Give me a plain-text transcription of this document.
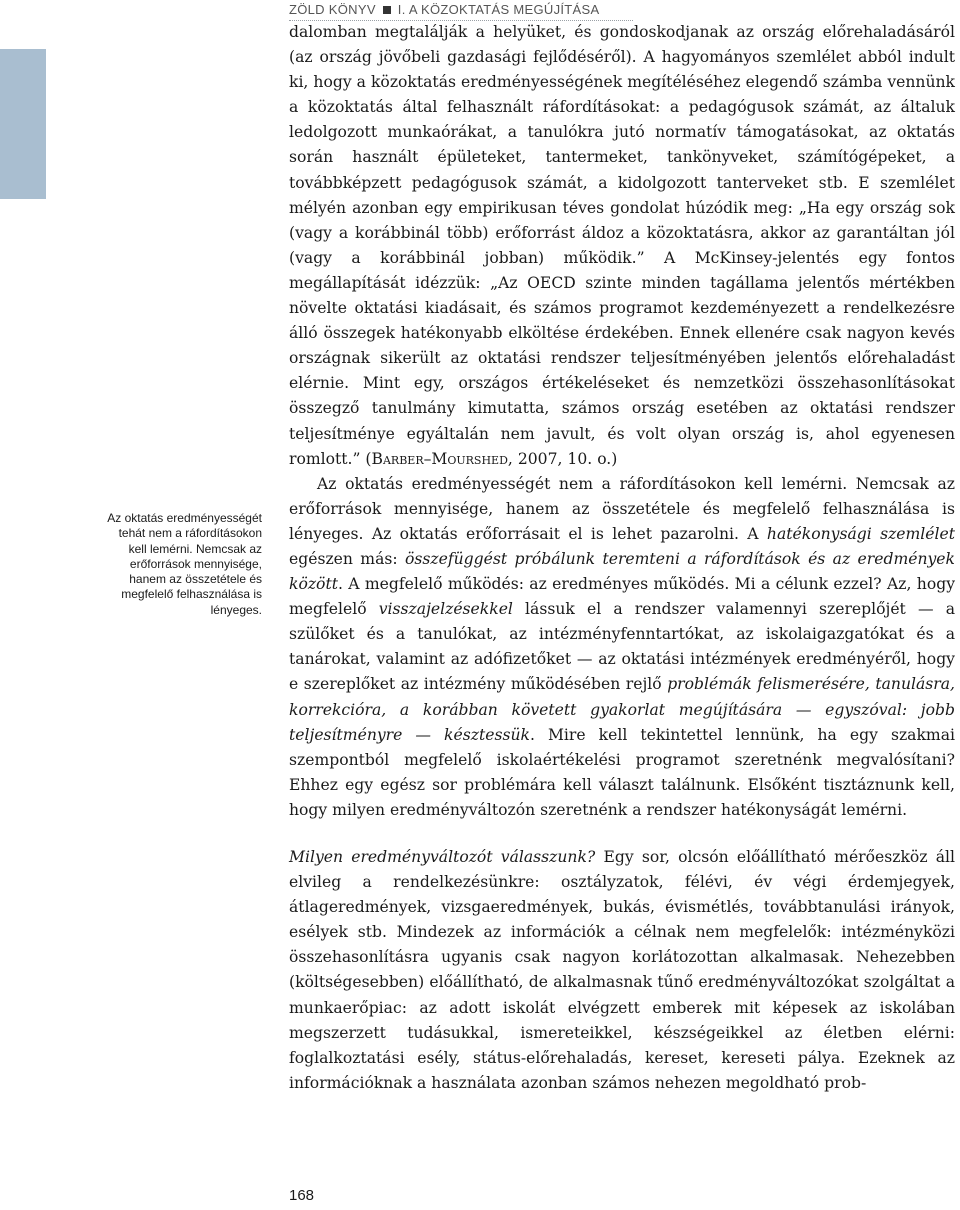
ZÖLD KÖNYV I. A KÖZOKTATÁS MEGÚJÍTÁSA
Az oktatás eredményességét tehát nem a ráfordításokon kell lemérni. Nemcsak az erőforrások mennyisége, hanem az összetétele és megfelelő felhasználása is lényeges.

dalomban megtalálják a helyüket, és gondoskodjanak az ország előrehaladásáról (az ország jövőbeli gazdasági fejlődéséről). A hagyományos szemlélet abból indult ki, hogy a közoktatás eredményességének megítéléséhez elegendő számba vennünk a közoktatás által felhasznált ráfordításokat: a pedagógusok számát, az általuk ledolgozott munkaórákat, a tanulókra jutó normatív támogatásokat, az oktatás során használt épületeket, tantermeket, tankönyveket, számítógépeket, a továbbképzett pedagógusok számát, a kidolgozott tanterveket stb. E szemlélet mélyén azonban egy empirikusan téves gondolat húzódik meg: „Ha egy ország sok (vagy a korábbinál több) erőforrást áldoz a közoktatásra, akkor az garantáltan jól (vagy a korábbinál jobban) működik.” A McKinsey-jelentés egy fontos megállapítását idézzük: „Az OECD szinte minden tagállama jelentős mértékben növelte oktatási kiadásait, és számos programot kezdeményezett a rendelkezésre álló összegek hatékonyabb elköltése érdekében. Ennek ellenére csak nagyon kevés országnak sikerült az oktatási rendszer teljesítményében jelentős előrehaladást elérnie. Mint egy, országos értékeléseket és nemzetközi összehasonlításokat összegző tanulmány kimutatta, számos ország esetében az oktatási rendszer teljesítménye egyáltalán nem javult, és volt olyan ország is, ahol egyenesen romlott.” (Barber–Mourshed, 2007, 10. o.)

Az oktatás eredményességét nem a ráfordításokon kell lemérni. Nemcsak az erőforrások mennyisége, hanem az összetétele és megfelelő felhasználása is lényeges. Az oktatás erőforrásait el is lehet pazarolni. A hatékonysági szemlélet egészen más: összefüggést próbálunk teremteni a ráfordítások és az eredmények között. A megfelelő működés: az eredményes működés. Mi a célunk ezzel? Az, hogy megfelelő visszajelzésekkel lássuk el a rendszer valamennyi szereplőjét — a szülőket és a tanulókat, az intézményfenntartókat, az iskolaigazgatókat és a tanárokat, valamint az adófizetőket — az oktatási intézmények eredményéről, hogy e szereplőket az intézmény működésében rejlő problémák felismerésére, tanulásra, korrekcióra, a korábban követett gyakorlat megújítására — egyszóval: jobb teljesítményre — késztessük. Mire kell tekintettel lennünk, ha egy szakmai szempontból megfelelő iskolaértékelési programot szeretnénk megvalósítani? Ehhez egy egész sor problémára kell választ találnunk. Elsőként tisztáznunk kell, hogy milyen eredményváltozón szeretnénk a rendszer hatékonyságát lemérni.

Milyen eredményváltozót válasszunk? Egy sor, olcsón előállítható mérőeszköz áll elvileg a rendelkezésünkre: osztályzatok, félévi, év végi érdemjegyek, átlageredmények, vizsgaeredmények, bukás, évismétlés, továbbtanulási irányok, esélyek stb. Mindezek az információk a célnak nem megfelelők: intézményközi összehasonlításra ugyanis csak nagyon korlátozottan alkalmasak. Nehezebben (költségesebben) előállítható, de alkalmasnak tűnő eredményváltozókat szolgáltat a munkaerőpiac: az adott iskolát elvégzett emberek mit képesek az iskolában megszerzett tudásukkal, ismereteikkel, készségeikkel az életben elérni: foglalkoztatási esély, státus-előrehaladás, kereset, kereseti pálya. Ezeknek az információknak a használata azonban számos nehezen megoldható prob-

168
